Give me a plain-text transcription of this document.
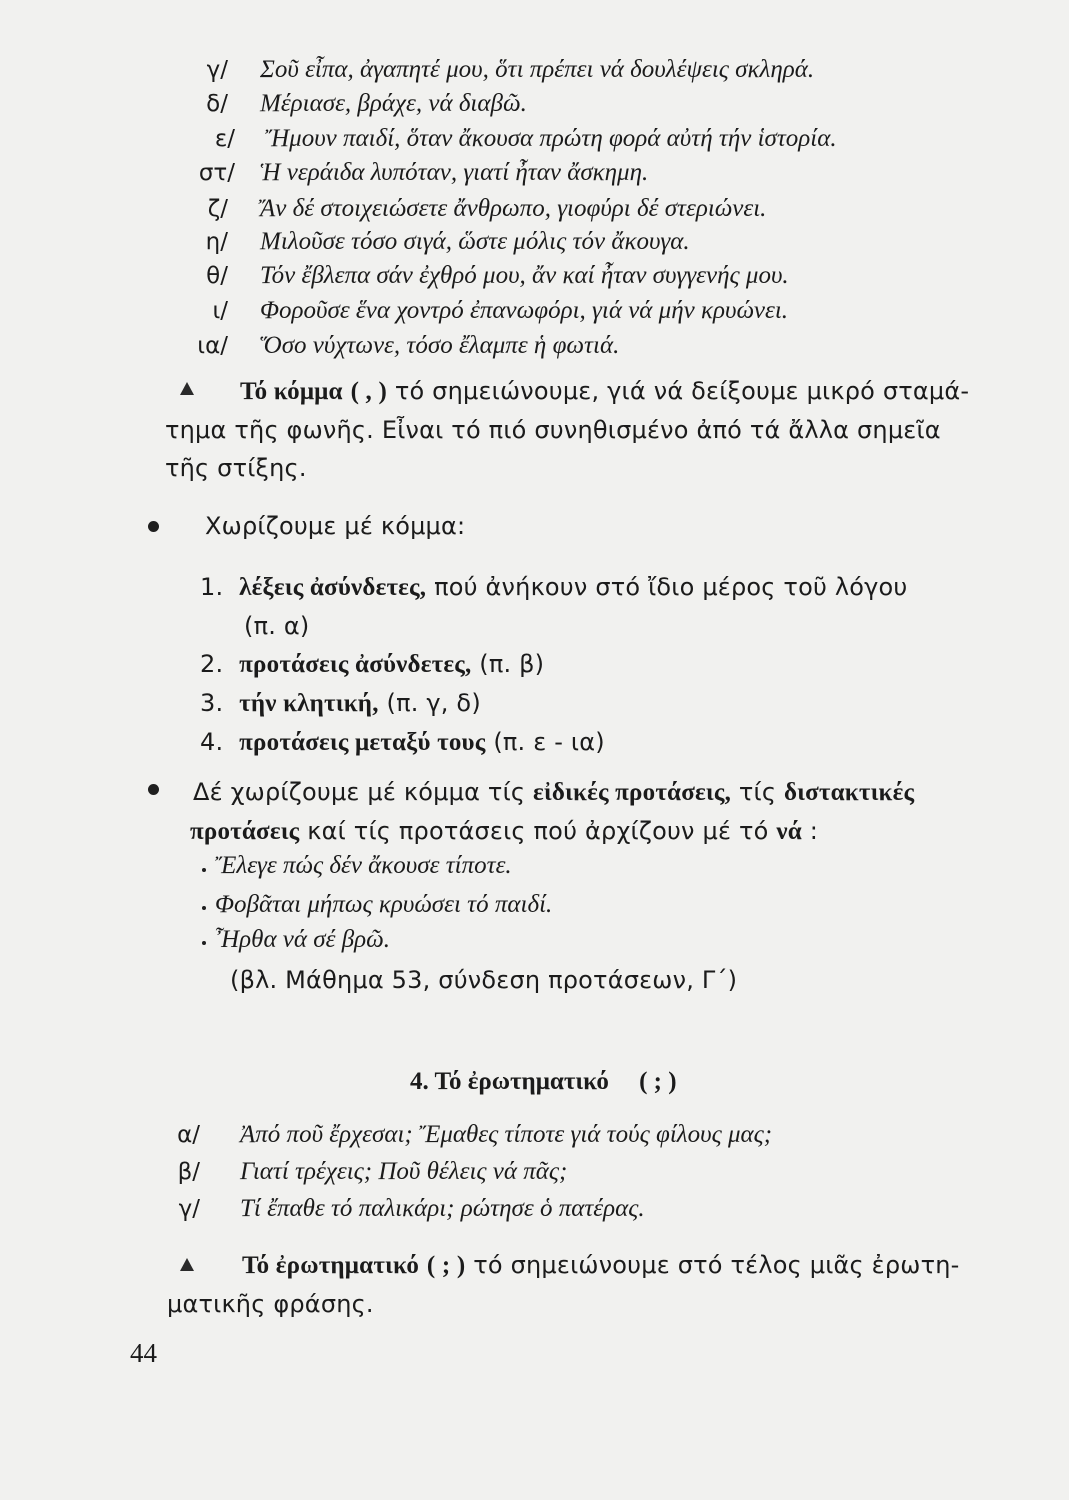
γ/ Σοῦ εἶπα, ἀγαπητέ μου, ὅτι πρέπει νά δουλέψεις σκληρά.
δ/ Μέριασε, βράχε, νά διαβῶ.
ε/ Ἤμουν παιδί, ὅταν ἄκουσα πρώτη φορά αὐτή τήν ἱστορία.
στ/ Ἡ νεράιδα λυπόταν, γιατί ἦταν ἄσκημη.
ζ/ Ἄν δέ στοιχειώσετε ἄνθρωπο, γιοφύρι δέ στεριώνει.
η/ Μιλοῦσε τόσο σιγά, ὥστε μόλις τόν ἄκουγα.
θ/ Τόν ἔβλεπα σάν ἐχθρό μου, ἄν καί ἦταν συγγενής μου.
ι/ Φοροῦσε ἕνα χοντρό ἐπανωφόρι, γιά νά μήν κρυώνει.
ια/ Ὅσο νύχτωνε, τόσο ἔλαμπε ἡ φωτιά.
Τό κόμμα ( , ) τό σημειώνουμε, γιά νά δείξουμε μικρό σταμά-
τημα τῆς φωνῆς. Εἶναι τό πιό συνηθισμένο ἀπό τά ἄλλα σημεῖα
τῆς στίξης.
Χωρίζουμε μέ κόμμα:
1. λέξεις ἀσύνδετες, πού ἀνήκουν στό ἴδιο μέρος τοῦ λόγου
(π. α)
2. προτάσεις ἀσύνδετες, (π. β)
3. τήν κλητική, (π. γ, δ)
4. προτάσεις μεταξύ τους (π. ε - ια)
Δέ χωρίζουμε μέ κόμμα τίς εἰδικές προτάσεις, τίς διστακτικές
προτάσεις καί τίς προτάσεις πού ἀρχίζουν μέ τό νά :
Ἔλεγε πώς δέν ἄκουσε τίποτε.
Φοβᾶται μήπως κρυώσει τό παιδί.
Ἦρθα νά σέ βρῶ.
(βλ. Μάθημα 53, σύνδεση προτάσεων, Γ΄)
4. Τό ἐρωτηματικό ( ; )
α/ Ἀπό ποῦ ἔρχεσαι; Ἔμαθες τίποτε γιά τούς φίλους μας;
β/ Γιατί τρέχεις; Ποῦ θέλεις νά πᾶς;
γ/ Τί ἔπαθε τό παλικάρι; ρώτησε ὁ πατέρας.
Τό ἐρωτηματικό ( ; ) τό σημειώνουμε στό τέλος μιᾶς ἐρωτη-
ματικῆς φράσης.
44
